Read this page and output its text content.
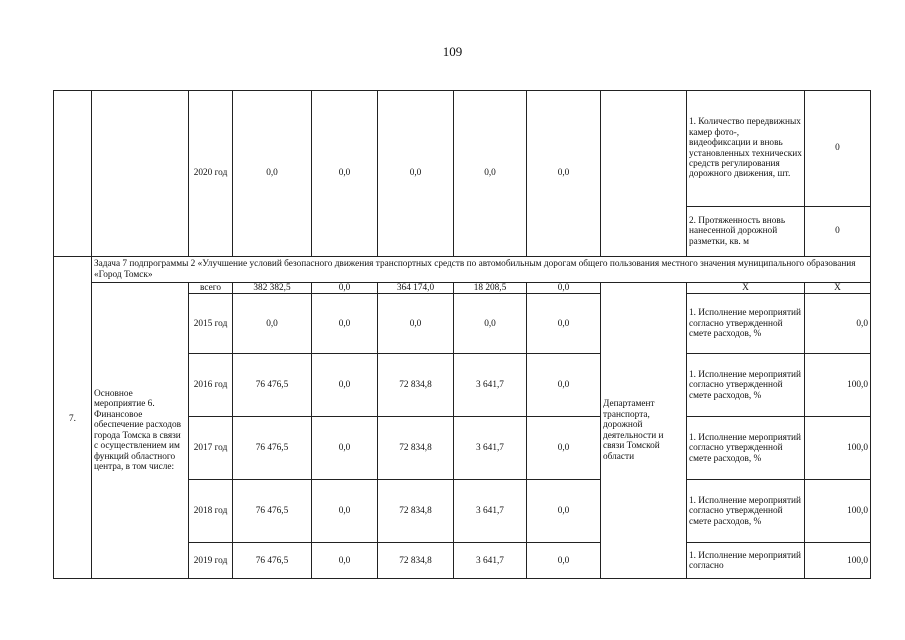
109
		2020 год	0,0	0,0	0,0	0,0	0,0		1. Количество передвижных камер фото-, видеофиксации и вновь установленных технических средств регулирования дорожного движения, шт.	0
									2. Протяженность вновь нанесенной дорожной разметки, кв. м	0
7.	Задача 7 подпрограммы 2 «Улучшение условий безопасного движения транспортных средств по автомобильным дорогам общего пользования местного значения муниципального образования «Город Томск»									
	Основное мероприятие 6. Финансовое обеспечение расходов города Томска в связи с осуществлением им функций областного центра, в том числе:	всего	382 382,5	0,0	364 174,0	18 208,5	0,0	Департамент транспорта, дорожной деятельности и связи Томской области	Х	Х
		2015 год	0,0	0,0	0,0	0,0	0,0		1. Исполнение мероприятий согласно утвержденной смете расходов, %	0,0
		2016 год	76 476,5	0,0	72 834,8	3 641,7	0,0		1. Исполнение мероприятий согласно утвержденной смете расходов, %	100,0
		2017 год	76 476,5	0,0	72 834,8	3 641,7	0,0		1. Исполнение мероприятий согласно утвержденной смете расходов, %	100,0
		2018 год	76 476,5	0,0	72 834,8	3 641,7	0,0		1. Исполнение мероприятий согласно утвержденной смете расходов, %	100,0
		2019 год	76 476,5	0,0	72 834,8	3 641,7	0,0		1. Исполнение мероприятий согласно	100,0
